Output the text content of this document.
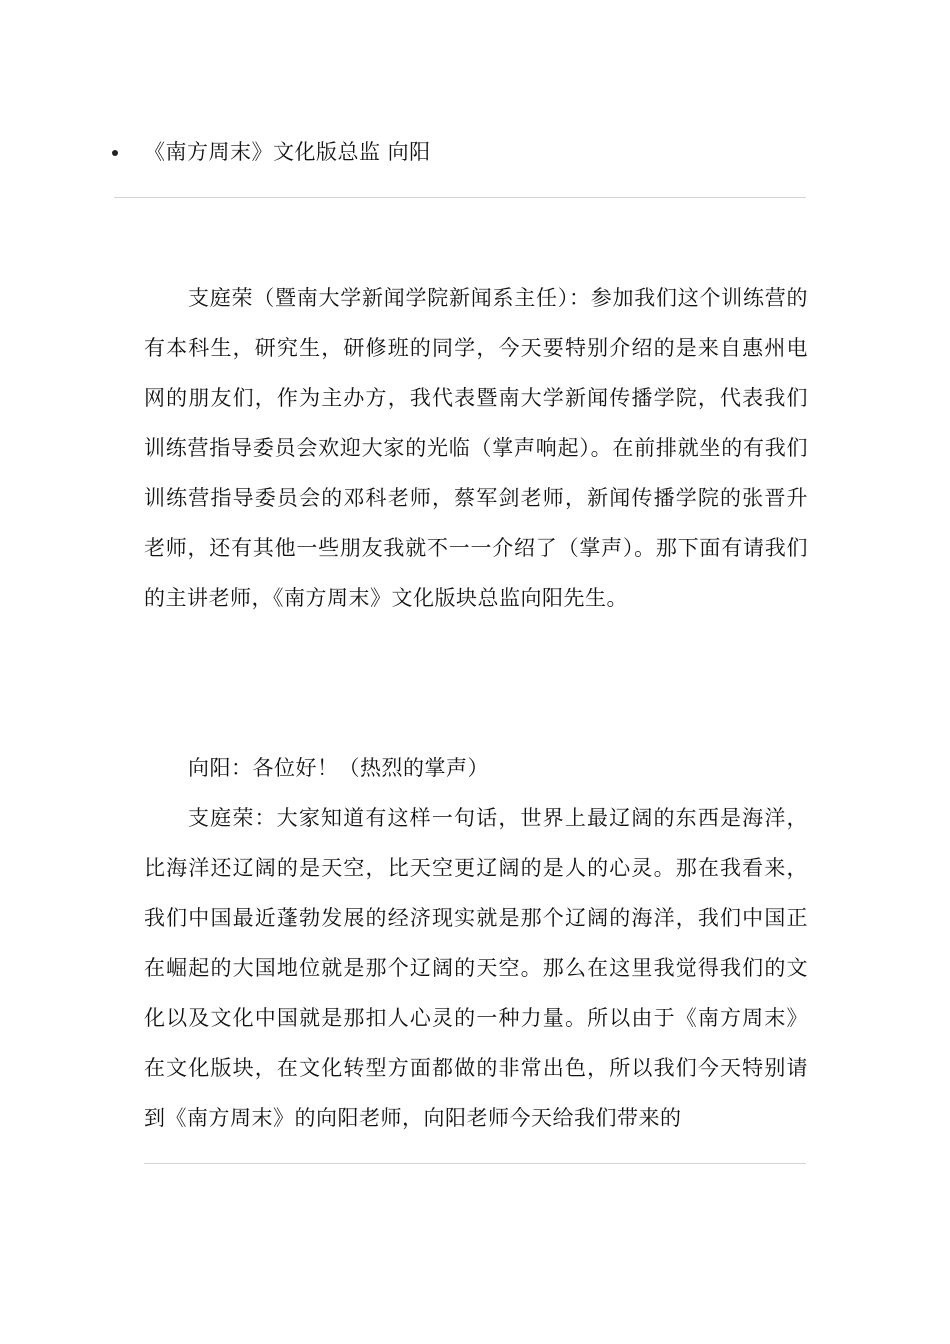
《南方周末》文化版总监 向阳

支庭荣（暨南大学新闻学院新闻系主任）：参加我们这个训练营的有本科生，研究生，研修班的同学，今天要特别介绍的是来自惠州电网的朋友们，作为主办方，我代表暨南大学新闻传播学院，代表我们训练营指导委员会欢迎大家的光临（掌声响起）。在前排就坐的有我们训练营指导委员会的邓科老师，蔡军剑老师，新闻传播学院的张晋升老师，还有其他一些朋友我就不一一介绍了（掌声）。那下面有请我们的主讲老师，《南方周末》文化版块总监向阳先生。

向阳：各位好！（热烈的掌声）

支庭荣：大家知道有这样一句话，世界上最辽阔的东西是海洋，比海洋还辽阔的是天空，比天空更辽阔的是人的心灵。那在我看来，我们中国最近蓬勃发展的经济现实就是那个辽阔的海洋，我们中国正在崛起的大国地位就是那个辽阔的天空。那么在这里我觉得我们的文化以及文化中国就是那扣人心灵的一种力量。所以由于《南方周末》在文化版块，在文化转型方面都做的非常出色，所以我们今天特别请到《南方周末》的向阳老师，向阳老师今天给我们带来的
